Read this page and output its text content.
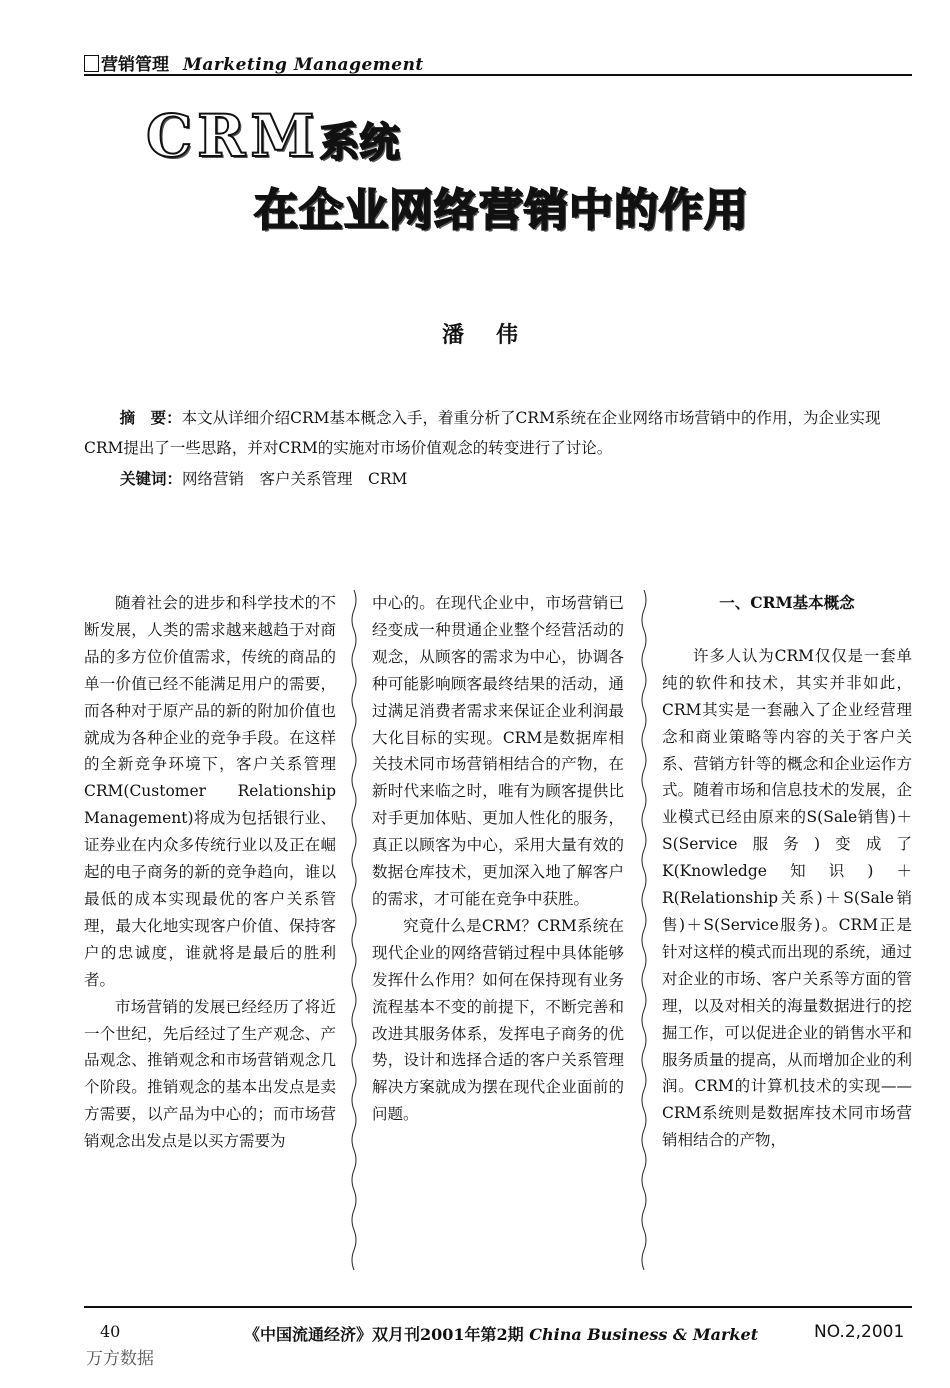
营销管理 Marketing Management
CRM系统
在企业网络营销中的作用
潘伟
摘　要：本文从详细介绍CRM基本概念入手，着重分析了CRM系统在企业网络市场营销中的作用，为企业实现CRM提出了一些思路，并对CRM的实施对市场价值观念的转变进行了讨论。
关键词：网络营销　客户关系管理　CRM

随着社会的进步和科学技术的不断发展，人类的需求越来越趋于对商品的多方位价值需求，传统的商品的单一价值已经不能满足用户的需要，而各种对于原产品的新的附加价值也就成为各种企业的竞争手段。在这样的全新竞争环境下，客户关系管理CRM(Customer Relationship Management)将成为包括银行业、证券业在内众多传统行业以及正在崛起的电子商务的新的竞争趋向，谁以最低的成本实现最优的客户关系管理，最大化地实现客户价值、保持客户的忠诚度，谁就将是最后的胜利者。

市场营销的发展已经经历了将近一个世纪，先后经过了生产观念、产品观念、推销观念和市场营销观念几个阶段。推销观念的基本出发点是卖方需要，以产品为中心的；而市场营销观念出发点是以买方需要为

中心的。在现代企业中，市场营销已经变成一种贯通企业整个经营活动的观念，从顾客的需求为中心，协调各种可能影响顾客最终结果的活动，通过满足消费者需求来保证企业利润最大化目标的实现。CRM是数据库相关技术同市场营销相结合的产物，在新时代来临之时，唯有为顾客提供比对手更加体贴、更加人性化的服务，真正以顾客为中心，采用大量有效的数据仓库技术，更加深入地了解客户的需求，才可能在竞争中获胜。

究竟什么是CRM？CRM系统在现代企业的网络营销过程中具体能够发挥什么作用？如何在保持现有业务流程基本不变的前提下，不断完善和改进其服务体系，发挥电子商务的优势，设计和选择合适的客户关系管理解决方案就成为摆在现代企业面前的问题。

一、CRM基本概念

许多人认为CRM仅仅是一套单纯的软件和技术，其实并非如此，CRM其实是一套融入了企业经营理念和商业策略等内容的关于客户关系、营销方针等的概念和企业运作方式。随着市场和信息技术的发展，企业模式已经由原来的S(Sale销售)＋S(Service服务)变成了K(Knowledge知识)＋R(Relationship关系)＋S(Sale销售)＋S(Service服务)。CRM正是针对这样的模式而出现的系统，通过对企业的市场、客户关系等方面的管理，以及对相关的海量数据进行的挖掘工作，可以促进企业的销售水平和服务质量的提高，从而增加企业的利润。CRM的计算机技术的实现——CRM系统则是数据库技术同市场营销相结合的产物，

40	《中国流通经济》双月刊2001年第2期 China Business & Market	NO.2,2001
万方数据
